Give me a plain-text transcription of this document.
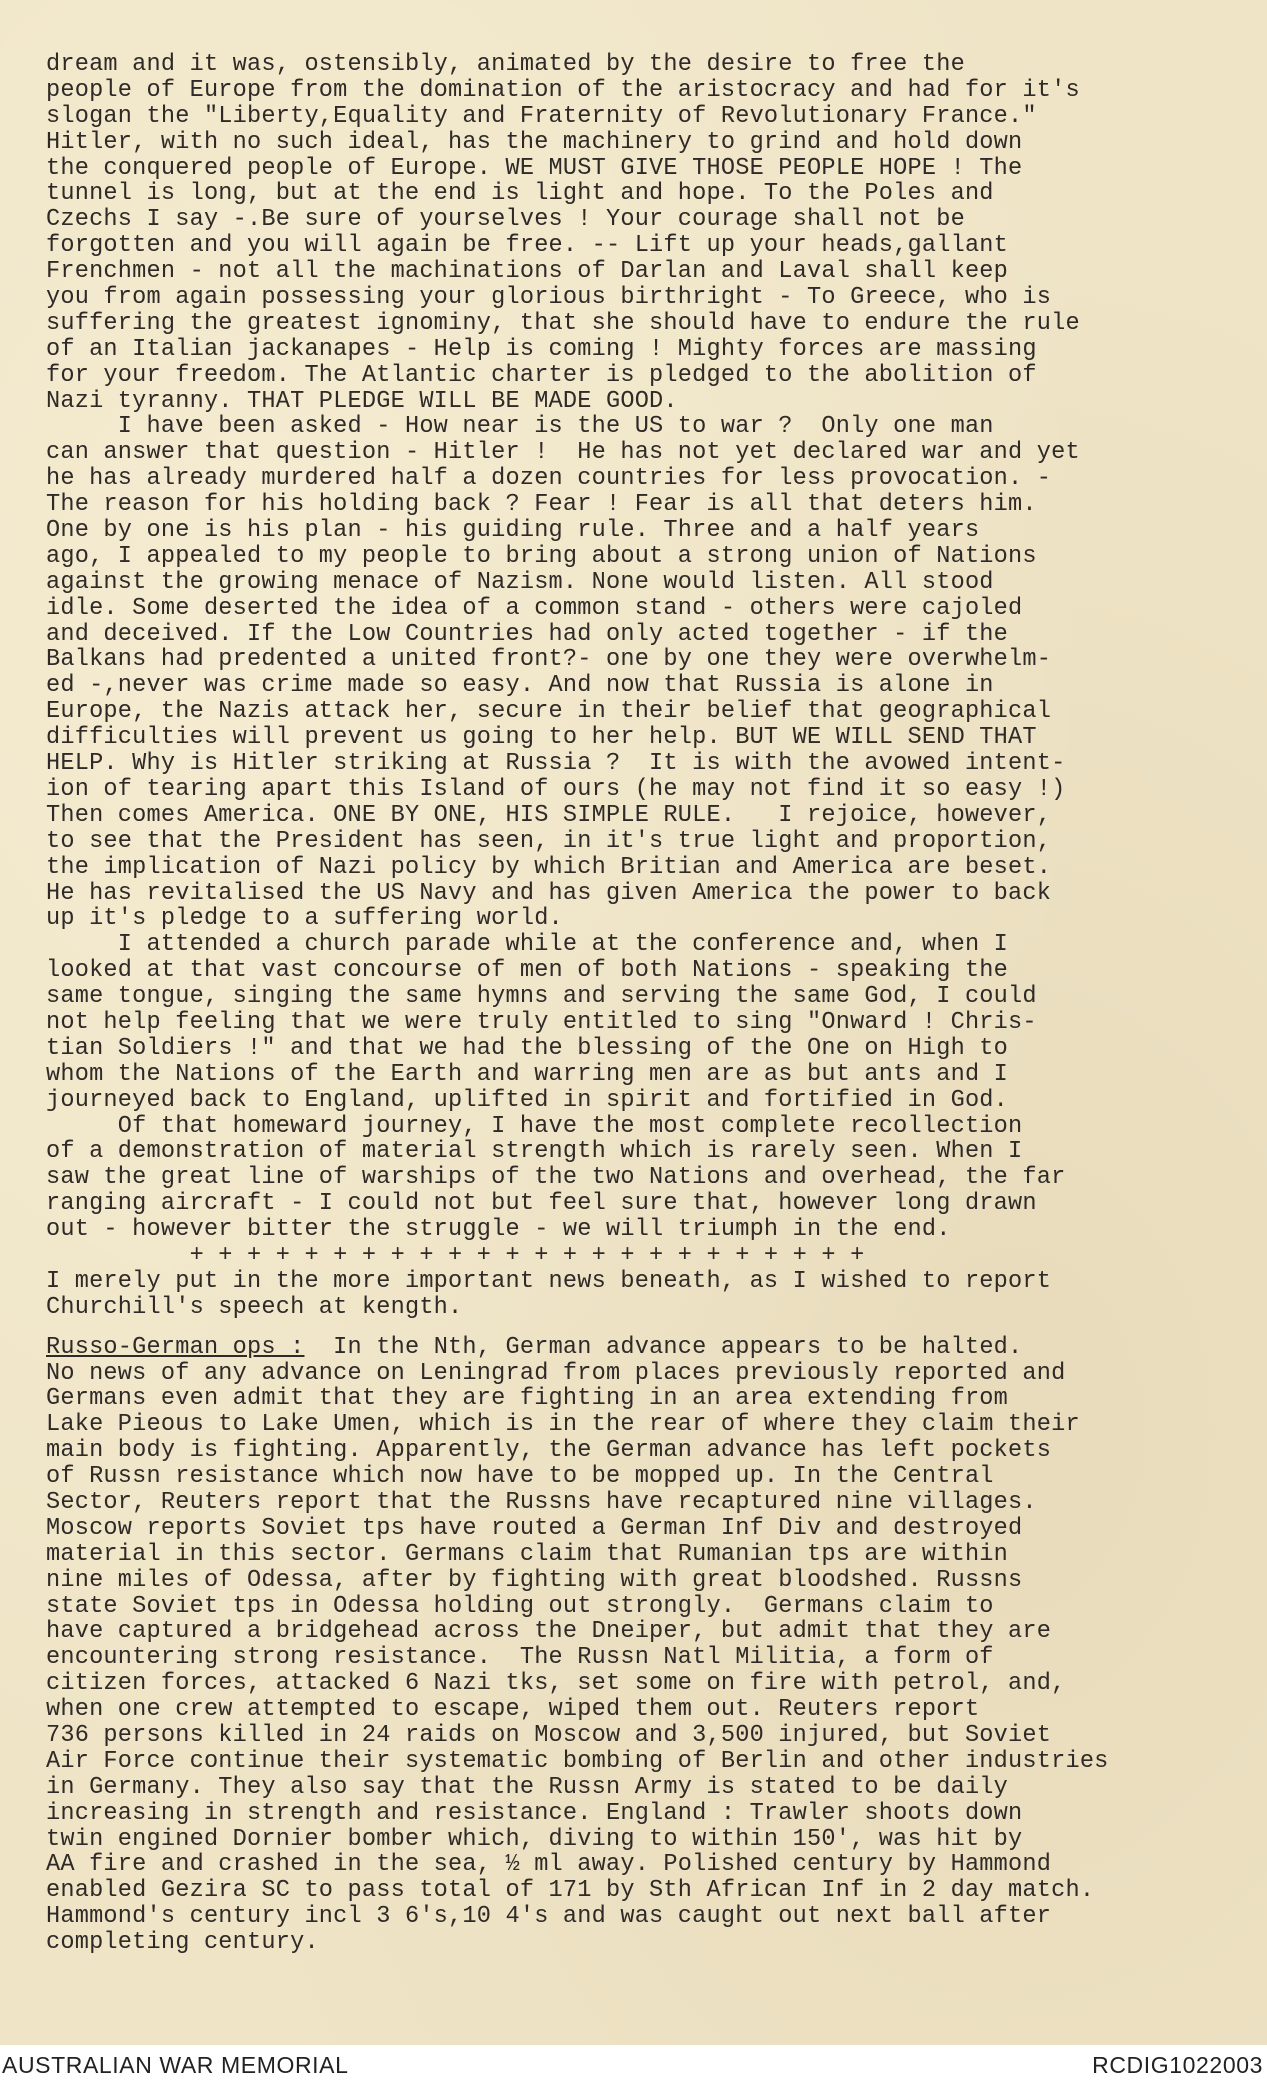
dream and it was, ostensibly, animated by the desire to free the
people of Europe from the domination of the aristocracy and had for it's
slogan the "Liberty,Equality and Fraternity of Revolutionary France."
Hitler, with no such ideal, has the machinery to grind and hold down
the conquered people of Europe. WE MUST GIVE THOSE PEOPLE HOPE ! The
tunnel is long, but at the end is light and hope. To the Poles and
Czechs I say -.Be sure of yourselves ! Your courage shall not be
forgotten and you will again be free. -- Lift up your heads,gallant
Frenchmen - not all the machinations of Darlan and Laval shall keep
you from again possessing your glorious birthright - To Greece, who is
suffering the greatest ignominy, that she should have to endure the rule
of an Italian jackanapes - Help is coming ! Mighty forces are massing
for your freedom. The Atlantic charter is pledged to the abolition of
Nazi tyranny. THAT PLEDGE WILL BE MADE GOOD.
I have been asked - How near is the US to war ?  Only one man
can answer that question - Hitler !  He has not yet declared war and yet
he has already murdered half a dozen countries for less provocation. -
The reason for his holding back ? Fear ! Fear is all that deters him.
One by one is his plan - his guiding rule. Three and a half years
ago, I appealed to my people to bring about a strong union of Nations
against the growing menace of Nazism. None would listen. All stood
idle. Some deserted the idea of a common stand - others were cajoled
and deceived. If the Low Countries had only acted together - if the
Balkans had predented a united front?- one by one they were overwhelm-
ed -,never was crime made so easy. And now that Russia is alone in
Europe, the Nazis attack her, secure in their belief that geographical
difficulties will prevent us going to her help. BUT WE WILL SEND THAT
HELP. Why is Hitler striking at Russia ?  It is with the avowed intent-
ion of tearing apart this Island of ours (he may not find it so easy !)
Then comes America. ONE BY ONE, HIS SIMPLE RULE.   I rejoice, however,
to see that the President has seen, in it's true light and proportion,
the implication of Nazi policy by which Britian and America are beset.
He has revitalised the US Navy and has given America the power to back
up it's pledge to a suffering world.
I attended a church parade while at the conference and, when I
looked at that vast concourse of men of both Nations - speaking the
same tongue, singing the same hymns and serving the same God, I could
not help feeling that we were truly entitled to sing "Onward ! Chris-
tian Soldiers !" and that we had the blessing of the One on High to
whom the Nations of the Earth and warring men are as but ants and I
journeyed back to England, uplifted in spirit and fortified in God.
Of that homeward journey, I have the most complete recollection
of a demonstration of material strength which is rarely seen. When I
saw the great line of warships of the two Nations and overhead, the far
ranging aircraft - I could not but feel sure that, however long drawn
out - however bitter the struggle - we will triumph in the end.
+ + + + + + + + + + + + + + + + + + + + + + + +
I merely put in the more important news beneath, as I wished to report
Churchill's speech at kength.
Russo-German ops :  In the Nth, German advance appears to be halted.
No news of any advance on Leningrad from places previously reported and
Germans even admit that they are fighting in an area extending from
Lake Pieous to Lake Umen, which is in the rear of where they claim their
main body is fighting. Apparently, the German advance has left pockets
of Russn resistance which now have to be mopped up. In the Central
Sector, Reuters report that the Russns have recaptured nine villages.
Moscow reports Soviet tps have routed a German Inf Div and destroyed
material in this sector. Germans claim that Rumanian tps are within
nine miles of Odessa, after by fighting with great bloodshed. Russns
state Soviet tps in Odessa holding out strongly.  Germans claim to
have captured a bridgehead across the Dneiper, but admit that they are
encountering strong resistance.  The Russn Natl Militia, a form of
citizen forces, attacked 6 Nazi tks, set some on fire with petrol, and,
when one crew attempted to escape, wiped them out. Reuters report
736 persons killed in 24 raids on Moscow and 3,500 injured, but Soviet
Air Force continue their systematic bombing of Berlin and other industries
in Germany. They also say that the Russn Army is stated to be daily
increasing in strength and resistance. England : Trawler shoots down
twin engined Dornier bomber which, diving to within 150', was hit by
AA fire and crashed in the sea, ½ ml away. Polished century by Hammond
enabled Gezira SC to pass total of 171 by Sth African Inf in 2 day match.
Hammond's century incl 3 6's,10 4's and was caught out next ball after
completing century.
AUSTRALIAN WAR MEMORIAL	RCDIG1022003
